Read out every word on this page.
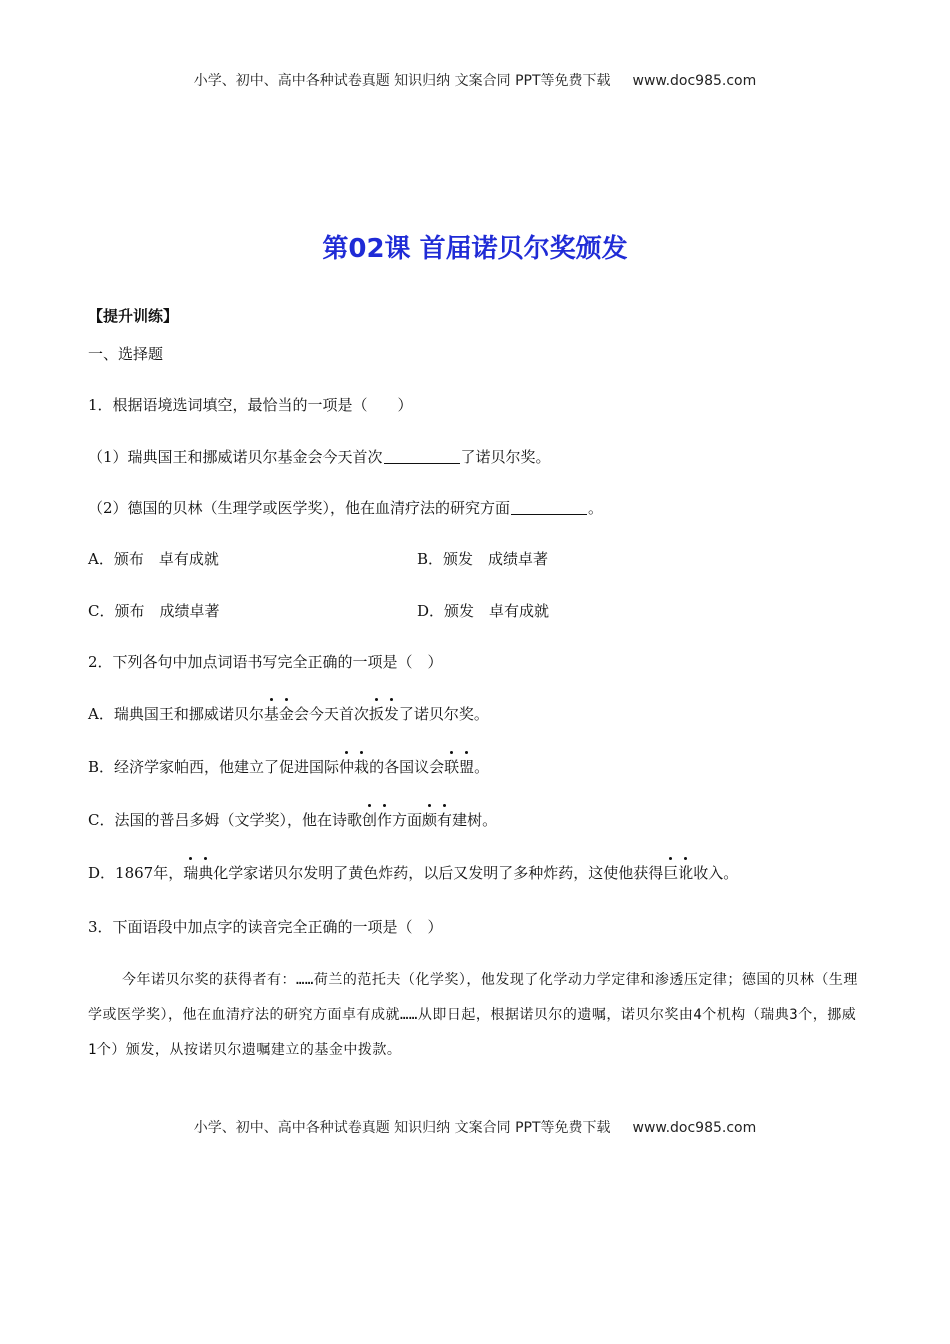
小学、初中、高中各种试卷真题 知识归纳 文案合同 PPT等免费下载 www.doc985.com
第02课 首届诺贝尔奖颁发
【提升训练】
一、选择题
1．根据语境选词填空，最恰当的一项是（　　）
（1）瑞典国王和挪威诺贝尔基金会今天首次	了诺贝尔奖。
（2）德国的贝林（生理学或医学奖），他在血清疗法的研究方面	。
A．颁布　卓有成就	B．颁发　成绩卓著
C．颁布　成绩卓著	D．颁发　卓有成就
2．下列各句中加点词语书写完全正确的一项是（　）
A．瑞典国王和挪威诺贝尔基金会今天首次扳发了诺贝尔奖。
B．经济学家帕西，他建立了促进国际仲栽的各国议会联盟。
C．法国的普吕多姆（文学奖），他在诗歌创作方面颇有建树。
D．1867年，瑞典化学家诺贝尔发明了黄色炸药，以后又发明了多种炸药，这使他获得巨讹收入。
3．下面语段中加点字的读音完全正确的一项是（　）
今年诺贝尔奖的获得者有：……荷兰的范托夫（化学奖），他发现了化学动力学定律和渗透压定律；德国的贝林（生理学或医学奖），他在血清疗法的研究方面卓有成就……从即日起，根据诺贝尔的遗嘱，诺贝尔奖由4个机构（瑞典3个，挪威1个）颁发，从按诺贝尔遗嘱建立的基金中拨款。
小学、初中、高中各种试卷真题 知识归纳 文案合同 PPT等免费下载 www.doc985.com
